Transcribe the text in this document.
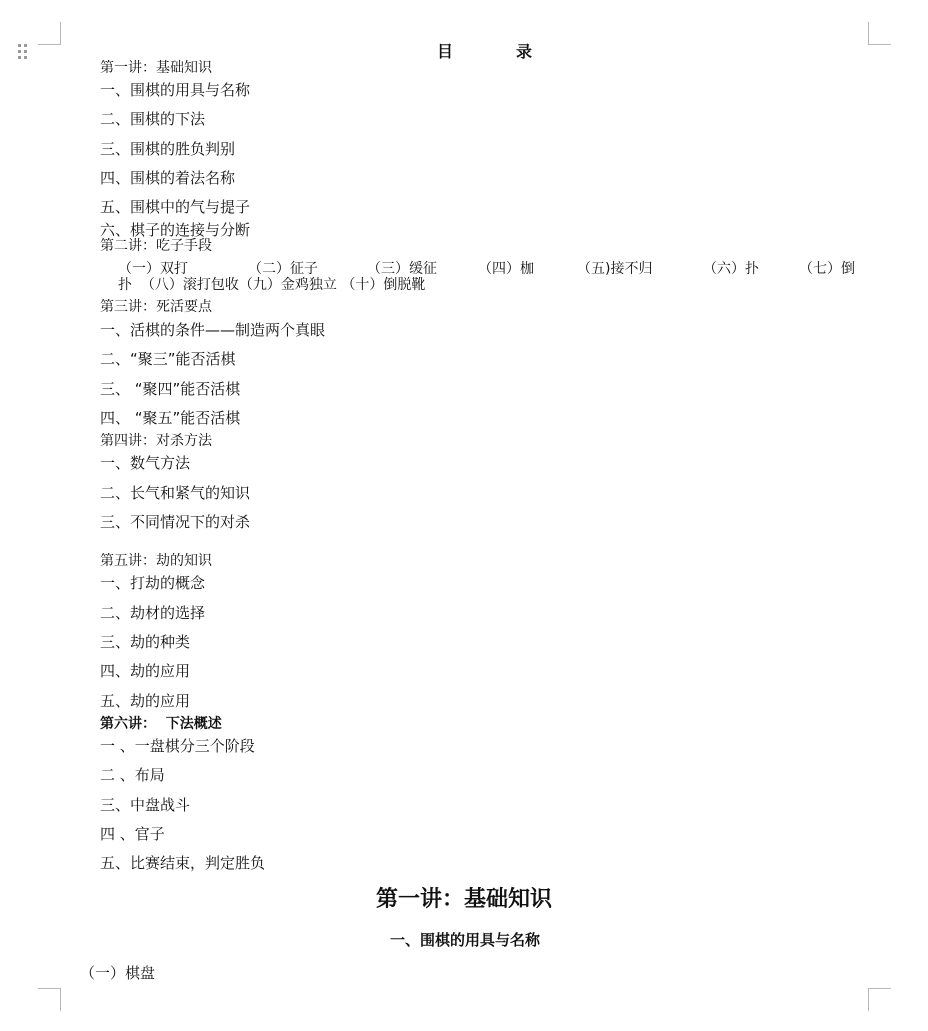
目	录
第一讲：基础知识
一、围棋的用具与名称
二、围棋的下法
三、围棋的胜负判别
四、围棋的着法名称
五、围棋中的气与提子
六、棋子的连接与分断
第二讲：吃子手段
（一）双打	（二）征子	（三）缓征	（四）枷	（五)接不归	（六）扑	（七）倒
扑  （八）滚打包收（九）金鸡独立 （十）倒脱靴
第三讲：死活要点
一、活棋的条件——制造两个真眼
二、“聚三”能否活棋
三、 “聚四”能否活棋
四、 “聚五”能否活棋
第四讲：对杀方法
一、数气方法
二、长气和紧气的知识
三、不同情况下的对杀
第五讲：劫的知识
一、打劫的概念
二、劫材的选择
三、劫的种类
四、劫的应用
五、劫的应用
第六讲：  下法概述
一 、一盘棋分三个阶段
二 、布局
三、中盘战斗
四 、官子
五、比赛结束，判定胜负
第一讲：基础知识
一、围棋的用具与名称
（一）棋盘
